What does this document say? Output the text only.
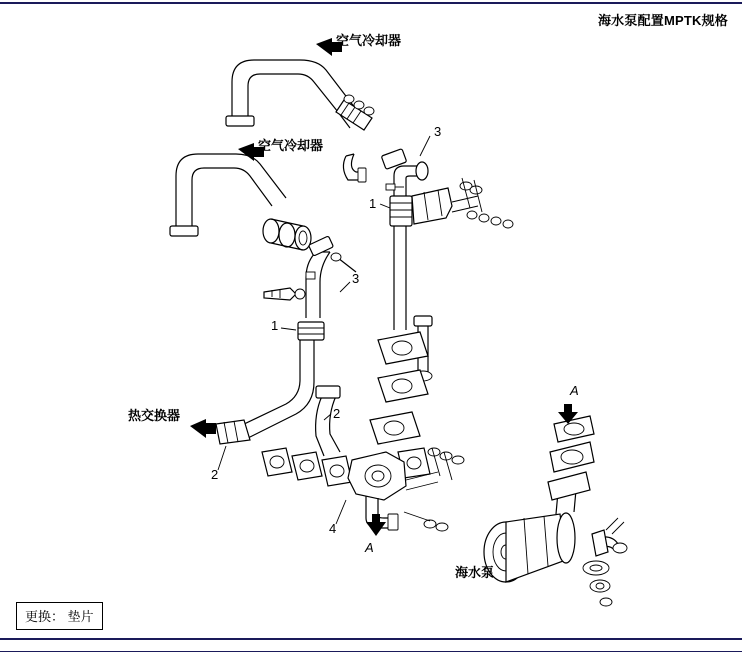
海水泵配置MPTK规格
空气冷却器
空气冷却器
热交换器
海水泵
3
1
3
1
2
2
4
A
A
更换： 垫片
